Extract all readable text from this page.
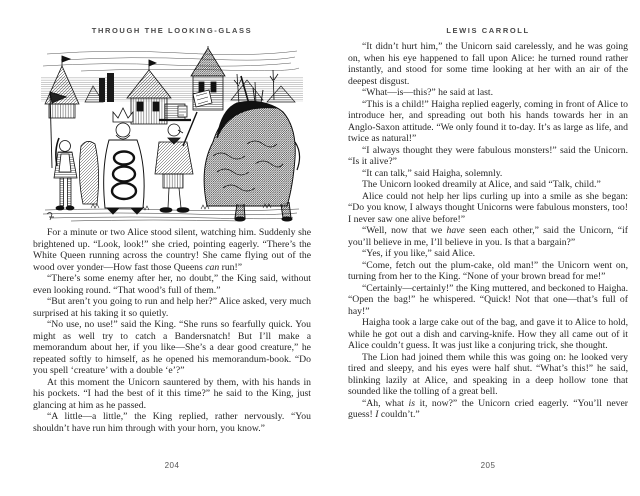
THROUGH THE LOOKING-GLASS

For a minute or two Alice stood silent, watching him. Suddenly she brightened up. “Look, look!” she cried, pointing eagerly. “There’s the White Queen running across the country! She came flying out of the wood over yonder—How fast those Queens can run!”

“There’s some enemy after her, no doubt,” the King said, without even looking round. “That wood’s full of them.”

“But aren’t you going to run and help her?” Alice asked, very much surprised at his taking it so quietly.

“No use, no use!” said the King. “She runs so fearfully quick. You might as well try to catch a Bandersnatch! But I’ll make a memorandum about her, if you like—She’s a dear good creature,” he repeated softly to himself, as he opened his memorandum-book. “Do you spell ‘creature’ with a double ‘e’?”

At this moment the Unicorn sauntered by them, with his hands in his pockets. “I had the best of it this time?” he said to the King, just glancing at him as he passed.

“A little—a little,” the King replied, rather nervously. “You shouldn’t have run him through with your horn, you know.”

204
LEWIS CARROLL

“It didn’t hurt him,” the Unicorn said carelessly, and he was going on, when his eye happened to fall upon Alice: he turned round rather instantly, and stood for some time looking at her with an air of the deepest disgust.

“What—is—this?” he said at last.

“This is a child!” Haigha replied eagerly, coming in front of Alice to introduce her, and spreading out both his hands towards her in an Anglo-Saxon attitude. “We only found it to-day. It’s as large as life, and twice as natural!”

“I always thought they were fabulous monsters!” said the Unicorn. “Is it alive?”

“It can talk,” said Haigha, solemnly.

The Unicorn looked dreamily at Alice, and said “Talk, child.”

Alice could not help her lips curling up into a smile as she began: “Do you know, I always thought Unicorns were fabulous monsters, too! I never saw one alive before!”

“Well, now that we have seen each other,” said the Unicorn, “if you’ll believe in me, I’ll believe in you. Is that a bargain?”

“Yes, if you like,” said Alice.

“Come, fetch out the plum-cake, old man!” the Unicorn went on, turning from her to the King. “None of your brown bread for me!”

“Certainly—certainly!” the King muttered, and beckoned to Haigha. “Open the bag!” he whispered. “Quick! Not that one—that’s full of hay!”

Haigha took a large cake out of the bag, and gave it to Alice to hold, while he got out a dish and carving-knife. How they all came out of it Alice couldn’t guess. It was just like a conjuring trick, she thought.

The Lion had joined them while this was going on: he looked very tired and sleepy, and his eyes were half shut. “What’s this!” he said, blinking lazily at Alice, and speaking in a deep hollow tone that sounded like the tolling of a great bell.

“Ah, what is it, now?” the Unicorn cried eagerly. “You’ll never guess! I couldn’t.”

205
